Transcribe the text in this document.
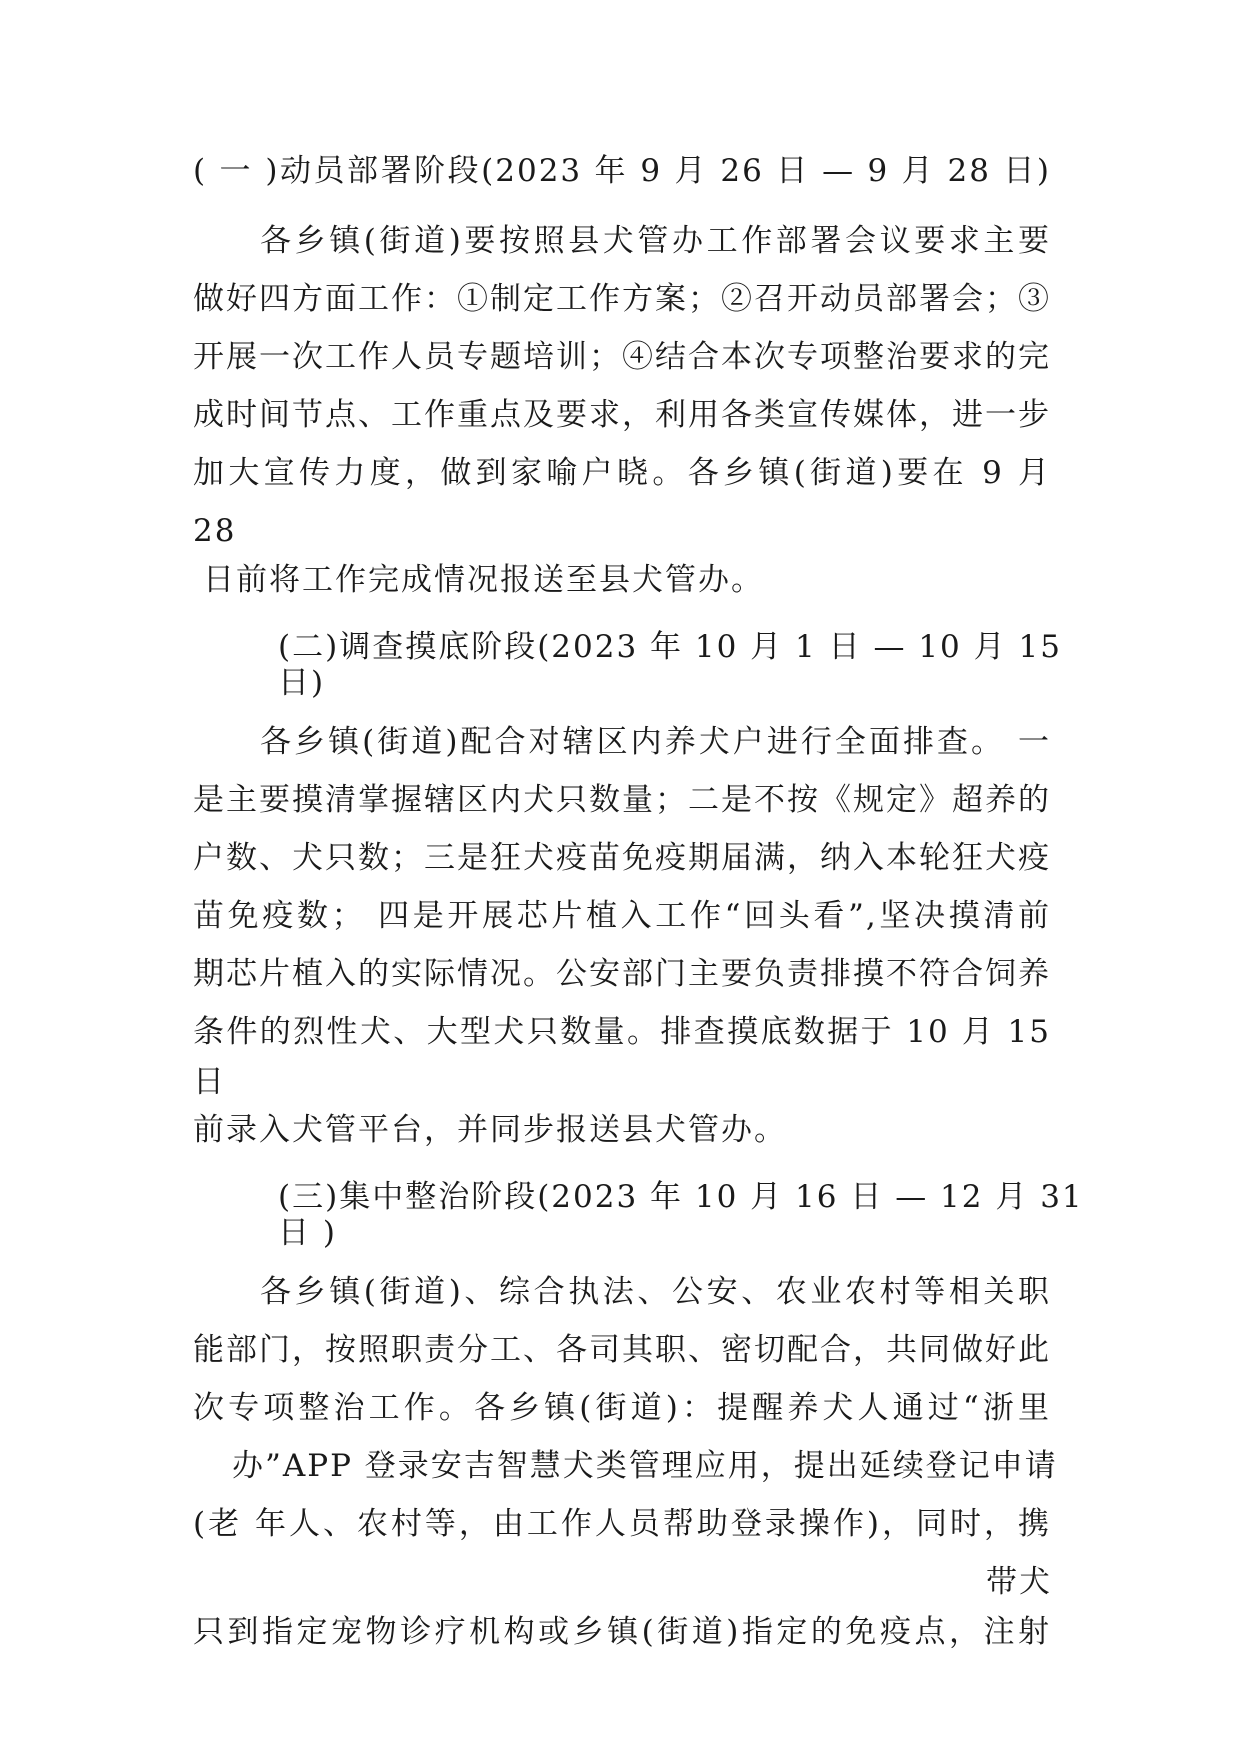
( 一 )动员部署阶段(2023 年 9 月 26 日 — 9 月 28 日)
各乡镇(街道)要按照县犬管办工作部署会议要求主要
做好四方面工作：①制定工作方案；②召开动员部署会；③
开展一次工作人员专题培训；④结合本次专项整治要求的完
成时间节点、工作重点及要求，利用各类宣传媒体，进一步
加大宣传力度，做到家喻户晓。各乡镇(街道)要在 9 月
28
日前将工作完成情况报送至县犬管办。
(二)调查摸底阶段(2023 年 10 月 1 日 — 10 月 15
日)
各乡镇(街道)配合对辖区内养犬户进行全面排查。 一
是主要摸清掌握辖区内犬只数量；二是不按《规定》超养的
户数、犬只数；三是狂犬疫苗免疫期届满，纳入本轮狂犬疫
苗免疫数； 四是开展芯片植入工作“回头看”,坚决摸清前
期芯片植入的实际情况。公安部门主要负责排摸不符合饲养
条件的烈性犬、大型犬只数量。排查摸底数据于 10 月 15
日
前录入犬管平台，并同步报送县犬管办。
(三)集中整治阶段(2023 年 10 月 16 日 — 12 月 31
日 )
各乡镇(街道)、综合执法、公安、农业农村等相关职
能部门，按照职责分工、各司其职、密切配合，共同做好此
次专项整治工作。各乡镇(街道)：提醒养犬人通过“浙里
办”APP 登录安吉智慧犬类管理应用，提出延续登记申请
(老 年人、农村等，由工作人员帮助登录操作)，同时，携
带犬
只到指定宠物诊疗机构或乡镇(街道)指定的免疫点，注射
